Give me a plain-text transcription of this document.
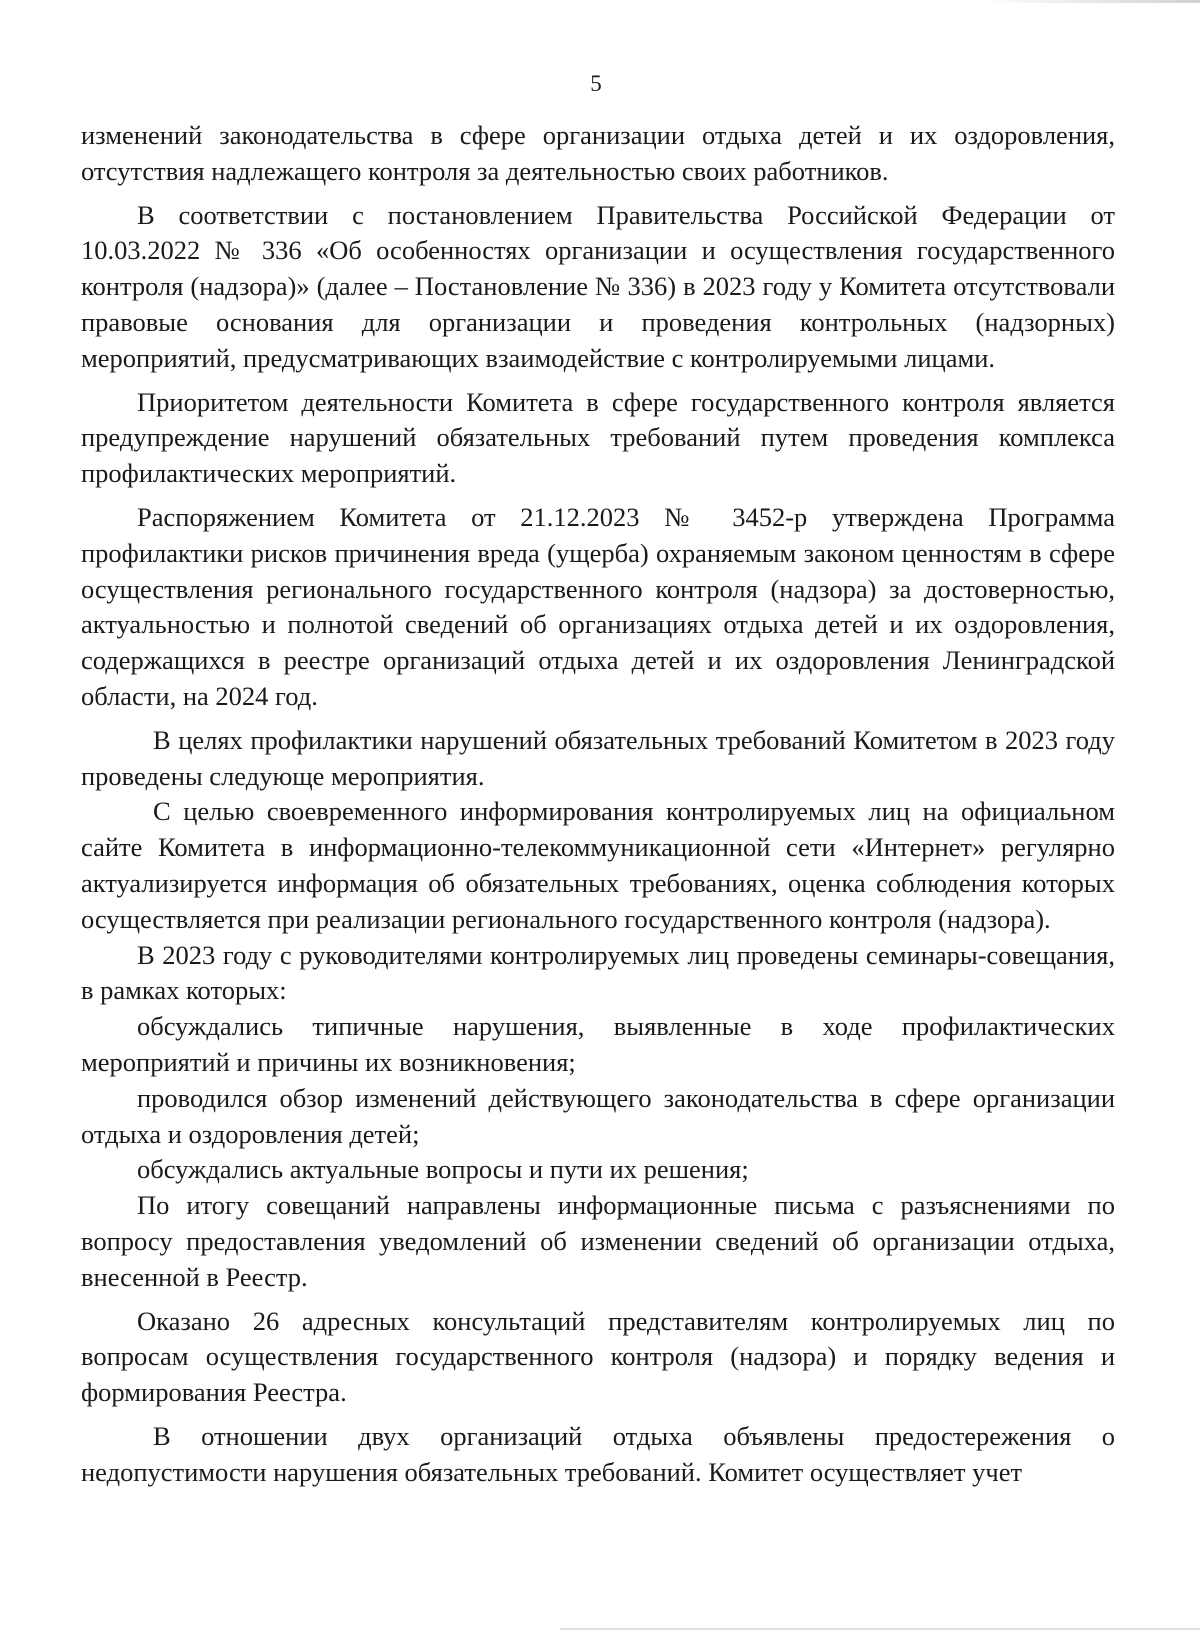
5

изменений законодательства в сфере организации отдыха детей и их оздоровления, отсутствия надлежащего контроля за деятельностью своих работников.

В соответствии с постановлением Правительства Российской Федерации от 10.03.2022 № 336 «Об особенностях организации и осуществления государственного контроля (надзора)» (далее – Постановление № 336) в 2023 году у Комитета отсутствовали правовые основания для организации и проведения контрольных (надзорных) мероприятий, предусматривающих взаимодействие с контролируемыми лицами.

Приоритетом деятельности Комитета в сфере государственного контроля является предупреждение нарушений обязательных требований путем проведения комплекса профилактических мероприятий.

Распоряжением Комитета от 21.12.2023 № 3452-р утверждена Программа профилактики рисков причинения вреда (ущерба) охраняемым законом ценностям в сфере осуществления регионального государственного контроля (надзора) за достоверностью, актуальностью и полнотой сведений об организациях отдыха детей и их оздоровления, содержащихся в реестре организаций отдыха детей и их оздоровления Ленинградской области, на 2024 год.

В целях профилактики нарушений обязательных требований Комитетом в 2023 году проведены следующе мероприятия.

С целью своевременного информирования контролируемых лиц на официальном сайте Комитета в информационно-телекоммуникационной сети «Интернет» регулярно актуализируется информация об обязательных требованиях, оценка соблюдения которых осуществляется при реализации регионального государственного контроля (надзора).

В 2023 году с руководителями контролируемых лиц проведены семинары-совещания, в рамках которых:

обсуждались типичные нарушения, выявленные в ходе профилактических мероприятий и причины их возникновения;

проводился обзор изменений действующего законодательства в сфере организации отдыха и оздоровления детей;

обсуждались актуальные вопросы и пути их решения;

По итогу совещаний направлены информационные письма с разъяснениями по вопросу предоставления уведомлений об изменении сведений об организации отдыха, внесенной в Реестр.

Оказано 26 адресных консультаций представителям контролируемых лиц по вопросам осуществления государственного контроля (надзора) и порядку ведения и формирования Реестра.

В отношении двух организаций отдыха объявлены предостережения о недопустимости нарушения обязательных требований. Комитет осуществляет учет
